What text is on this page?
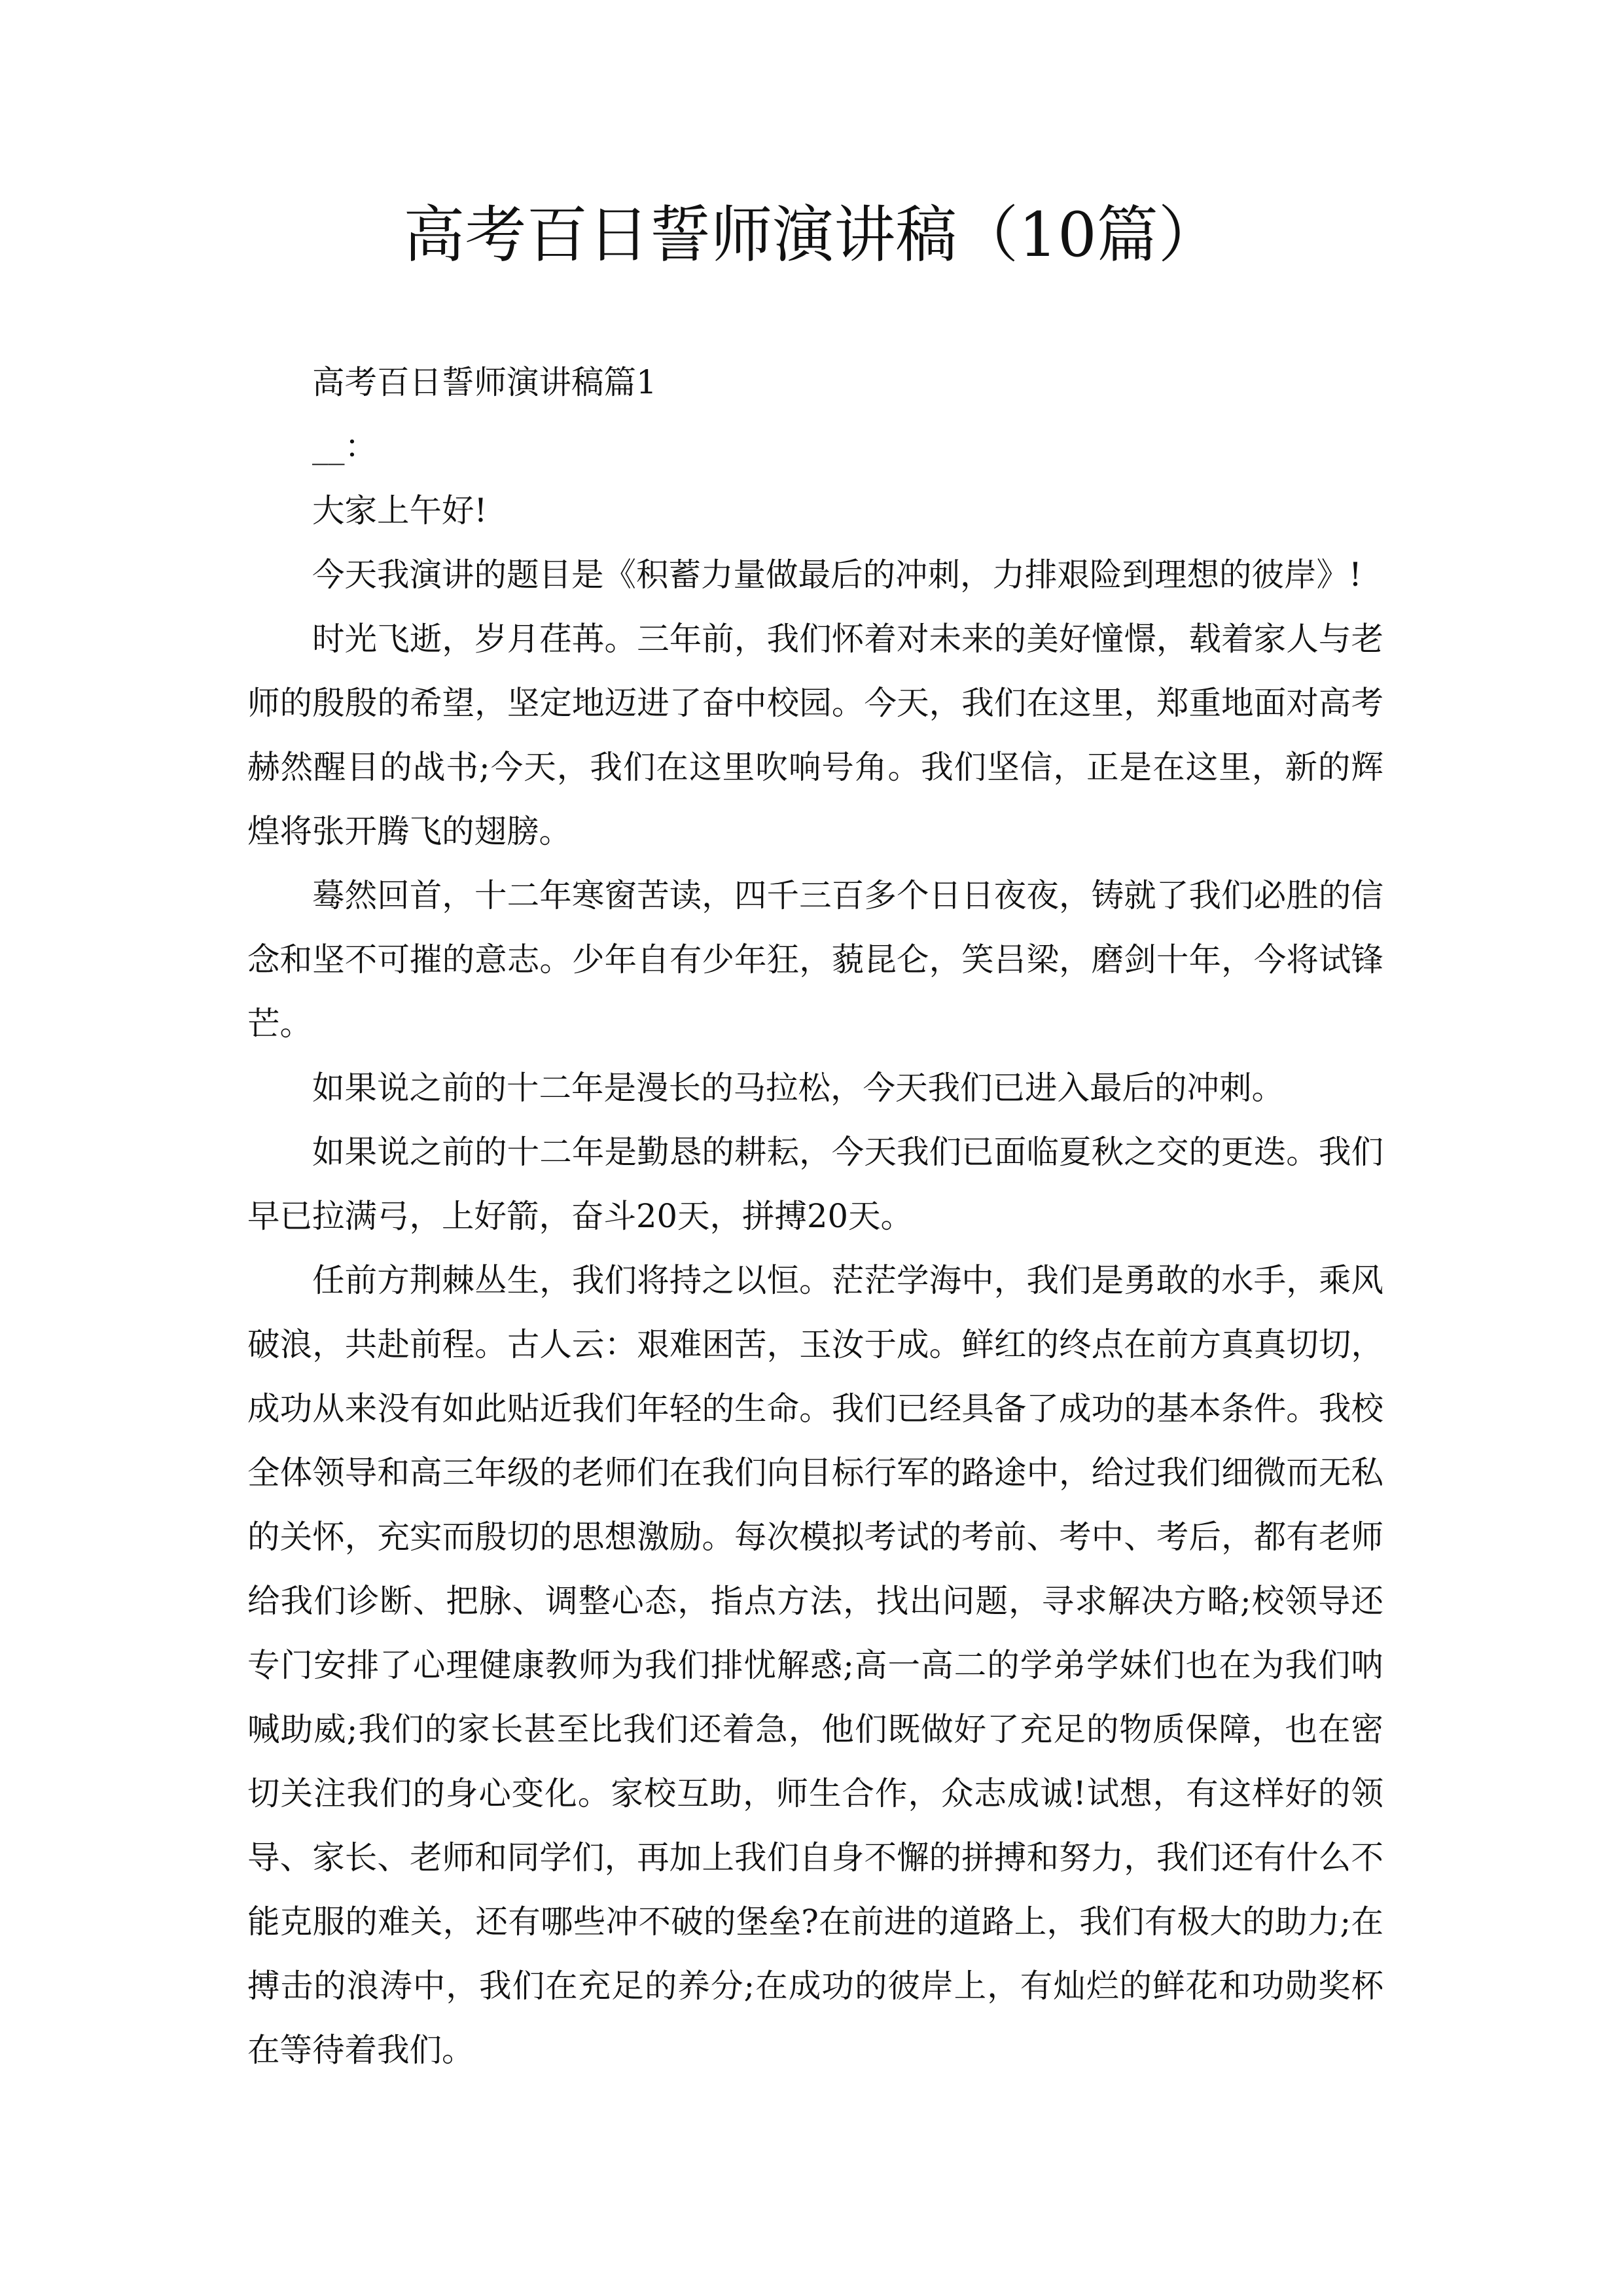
高考百日誓师演讲稿（10篇）

高考百日誓师演讲稿篇1

__：

大家上午好!

今天我演讲的题目是《积蓄力量做最后的冲刺，力排艰险到理想的彼岸》!

时光飞逝，岁月荏苒。三年前，我们怀着对未来的美好憧憬，载着家人与老师的殷殷的希望，坚定地迈进了奋中校园。今天，我们在这里，郑重地面对高考赫然醒目的战书;今天，我们在这里吹响号角。我们坚信，正是在这里，新的辉煌将张开腾飞的翅膀。

蓦然回首，十二年寒窗苦读，四千三百多个日日夜夜，铸就了我们必胜的信念和坚不可摧的意志。少年自有少年狂，藐昆仑，笑吕梁，磨剑十年，今将试锋芒。

如果说之前的十二年是漫长的马拉松，今天我们已进入最后的冲刺。

如果说之前的十二年是勤恳的耕耘，今天我们已面临夏秋之交的更迭。我们早已拉满弓，上好箭，奋斗20天，拼搏20天。

任前方荆棘丛生，我们将持之以恒。茫茫学海中，我们是勇敢的水手，乘风破浪，共赴前程。古人云：艰难困苦，玉汝于成。鲜红的终点在前方真真切切，成功从来没有如此贴近我们年轻的生命。我们已经具备了成功的基本条件。我校全体领导和高三年级的老师们在我们向目标行军的路途中，给过我们细微而无私的关怀，充实而殷切的思想激励。每次模拟考试的考前、考中、考后，都有老师给我们诊断、把脉、调整心态，指点方法，找出问题，寻求解决方略;校领导还专门安排了心理健康教师为我们排忧解惑;高一高二的学弟学妹们也在为我们呐喊助威;我们的家长甚至比我们还着急，他们既做好了充足的物质保障，也在密切关注我们的身心变化。家校互助，师生合作，众志成诚!试想，有这样好的领导、家长、老师和同学们，再加上我们自身不懈的拼搏和努力，我们还有什么不能克服的难关，还有哪些冲不破的堡垒?在前进的道路上，我们有极大的助力;在搏击的浪涛中，我们在充足的养分;在成功的彼岸上，有灿烂的鲜花和功勋奖杯在等待着我们。
